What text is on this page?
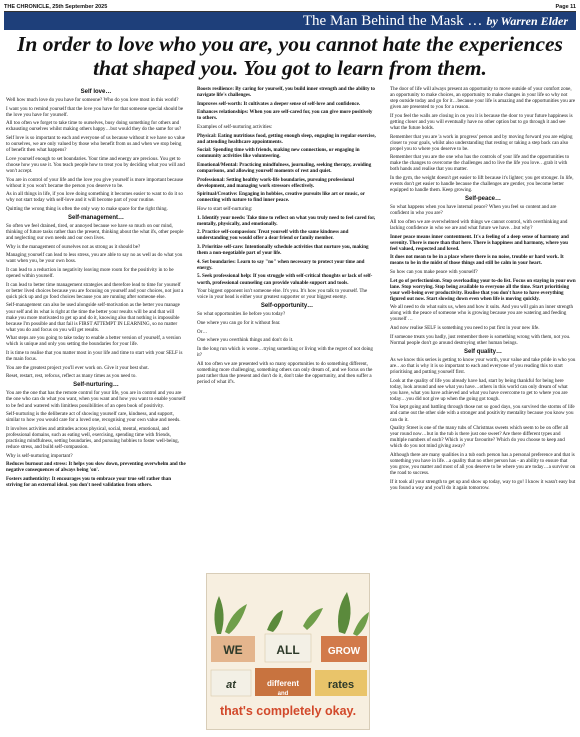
THE CHRONICLE, 25th September 2025	Page 11
The Man Behind the Mask … by Warren Elder
In order to love who you are, you cannot hate the experiences that shaped you. You got to learn from them.
Self love…

Well how much love do you have for someone? Who do you love most in this world?

I want you to remind yourself that the love you have for that someone special should be the love you have for yourself.

All too often we forget to take time to ourselves, busy doing something for others and exhausting ourselves whilst making others happy…but would they do the same for us?

Self love is so important to each and everyone of us because without it we have no value to ourselves, we are only valued by those who benefit from us and when we stop being of benefit then what happens?

Love yourself enough to set boundaries. Your time and energy are precious. You get to choose how you use it. You teach people how to treat you by deciding what you will and won't accept.

You are in control of your life and the love you give yourself is more important because without it you won't became the person you deserve to be.

As in all things in life, if you love doing something it becomes easier to want to do it so why not start today with self-love and it will become part of your routine.

Quitting the wrong thing is often the only way to make space for the right thing.

Self-management…

So often we feel drained, tired, or annoyed because we have so much on our mind, thinking of future tasks rather than the present, thinking about the what ifs, other people and neglecting our own needs and our own lives.

Why is the management of ourselves not as strong as it should be?

Managing yourself can lead to less stress, you are able to say no as well as do what you want when you, be your own boss.

It can lead to a reduction in negativity leaving more room for the positivity in to be opened within yourself.

It can lead to better time management strategies and therefore lead to time for yourself or better lived choices because you are focusing on yourself and your choices, not just a quick pick up and go food choices because you are running after someone else.

Self-management can also be used alongside self-motivation as the better you manage your self and its what is right at the time the better your results will be and that will make you more motivated to get up and do it, knowing also that nothing is impossible because I'm possible and that fail is FIRST ATTEMPT IN LEARNING, so no matter what you do and focus on you will get results.

What steps are you going to take today to enable a better version of yourself, a version which is unique and only you setting the boundaries for your life.

It is time to realise that you matter most in your life and time to start with your SELF is the main focus.

You are the greatest project you'll ever work on. Give it your best shot.

Reset, restart, rest, refocus, reflect as many times as you need to.

Self-nurturing…

You are the one that has the remote control for your life, you are in control and you are the one who can do what you want, when you want and how you want to enable yourself to be fed and watered with limitless possibilities of an open book of positivity.

Self-nurturing is the deliberate act of showing yourself care, kindness, and support, similar to how you would care for a loved one, recognising your own value and needs.

It involves activities and attitudes across physical, social, mental, emotional, and professional domains, such as eating well, exercising, spending time with friends, practising mindfulness, setting boundaries, and pursuing hobbies to foster well-being, reduce stress, and build self-compassion.

Why is self-nurturing important?

Reduces burnout and stress: It helps you slow down, preventing overwhelm and the negative consequences of always being 'on'.

Fosters authenticity: It encourages you to embrace your true self rather than striving for an external ideal. you don't need validation from others.

Boosts resilience: By caring for yourself, you build inner strength and the ability to navigate life's challenges.

Improves self-worth: It cultivates a deeper sense of self-love and confidence.

Enhances relationships: When you are self-cared for, you can give more positively to others.

Examples of self-nurturing activities:

Physical: Eating nutritious food, getting enough sleep, engaging in regular exercise, and attending healthcare appointments.

Social: Spending time with friends, making new connections, or engaging in community activities like volunteering.

Emotional/Mental: Practicing mindfulness, journaling, seeking therapy, avoiding comparisons, and allowing yourself moments of rest and quiet.

Professional: Setting healthy work-life boundaries, pursuing professional development, and managing work stressors effectively.

Spiritual/Creative: Engaging in hobbies, creative pursuits like art or music, or connecting with nature to find inner peace.

How to start self-nurturing:

1. Identify your needs: Take time to reflect on what you truly need to feel cared for, mentally, physically, and emotionally.

2. Practice self-compassion: Treat yourself with the same kindness and understanding you would offer a dear friend or family member.

3. Prioritize self-care: Intentionally schedule activities that nurture you, making them a non-negotiable part of your life.

4. Set boundaries: Learn to say "no" when necessary to protect your time and energy.

5. Seek professional help: If you struggle with self-critical thoughts or lack of self-worth, professional counseling can provide valuable support and tools.

Your biggest opponent isn't someone else. It's you. It's how you talk to yourself. The voice in your head is either your greatest supporter or your biggest enemy.

Self-opportunity…

So what opportunities lie before you today?

One where you can go for it without fear.

Or…

One where you overthink things and don't do it.

In the long run which is worse…trying something or living with the regret of not doing it?

All too often we are presented with so many opportunities to do something different, something more challenging, something others can only dream of, and we focus on the past rather than the present and don't do it, don't take the opportunity, and then suffer a period of what if's.

WE	ALL	GROW
at	different	rates
and
that's completely okay.

The door of life will always present an opportunity to move outside of your comfort zone, an opportunity to make choices, an opportunity to make changes in your life so why not step outside today and go for it…because your life is amazing and the opportunities you are given are presented to you for a reason.

If you feel the walls are closing in on you it is because the door to your future happiness is getting closer and you will eventually have no other option but to go through it and see what the future holds.

Remember that you are 'a work in progress' person and by moving forward you are edging closer to your goals, whilst also understanding that resting or taking a step back can also propel you to where you deserve to be.

Remember that you are the one who has the controls of your life and the opportunities to make the changes to overcome the challenges and to live the life you love…grab it with both hands and realise that you matter.

In the gym, the weight doesn't get easier to lift because it's lighter; you get stronger. In life, events don't get easier to handle because the challenges are gentler, you become better equipped to handle them. Keep growing.

Self-peace…

So what happens when you have internal peace? When you feel so content and are confident in who you are?

All too often we are overwhelmed with things we cannot control, with overthinking and lacking confidence in who we are and what future we have…but why?

Inner peace means inner contentment. It's a feeling of a deep sense of harmony and serenity. There is more than that here. There is happiness and harmony, where you feel valued, respected and loved.

It does not mean to be in a place where there is no noise, trouble or hard work. It means to be in the midst of those things and still be calm in your heart.

So how can you make peace with yourself?

Let go of perfectionism. Stop overloading your to-do list. Focus on staying in your own lane. Stop worrying. Stop being available to everyone all the time. Start prioritising your well-being over productivity. Realise that you don't have to have everything figured out now. Start slowing down even when life is moving quickly.

We all need to do what suits us, when and how it suits. And you will gain an inner strength along with the peace of someone who is growing because you are watering and feeding yourself …

And now realise SELF is something you need to put first in your new life.

If someone treats you badly, just remember there is something wrong with them, not you. Normal people don't go around destroying other human beings.

Self quality…

As we know this series is getting to know your worth, your value and take pride in who you are…so that is why it is so important to each and everyone of you reading this to start prioritising and putting yourself first.

Look at the quality of life you already have had, start by being thankful for being here today, look around and see what you have…others in this world can only dream of what you have, what you have achieved and what you have overcome to get to where you are today…you did not give up when the going got tough.

You kept going and battling through those not so good days, you survived the storms of life and came out the other side with a stronger and positivity mentality because you know you can do it.

Quality Street is one of the many tubs of Christmas sweets which seem to be on offer all year round now…but in the tub is there just one sweet? Are there different types and multiple numbers of each? Which is your favourite? Which do you choose to keep and which do you not mind giving away?

Although there are many qualities in a tub each person has a personal preference and that is something you have in life…a quality that no other person has - an ability to ensure that you grow, you matter and most of all you deserve to be where you are today…a survivor on the road to success.

If it took all your strength to get up and show up today, way to go! I know it wasn't easy but you found a way and you'll do it again tomorrow.
